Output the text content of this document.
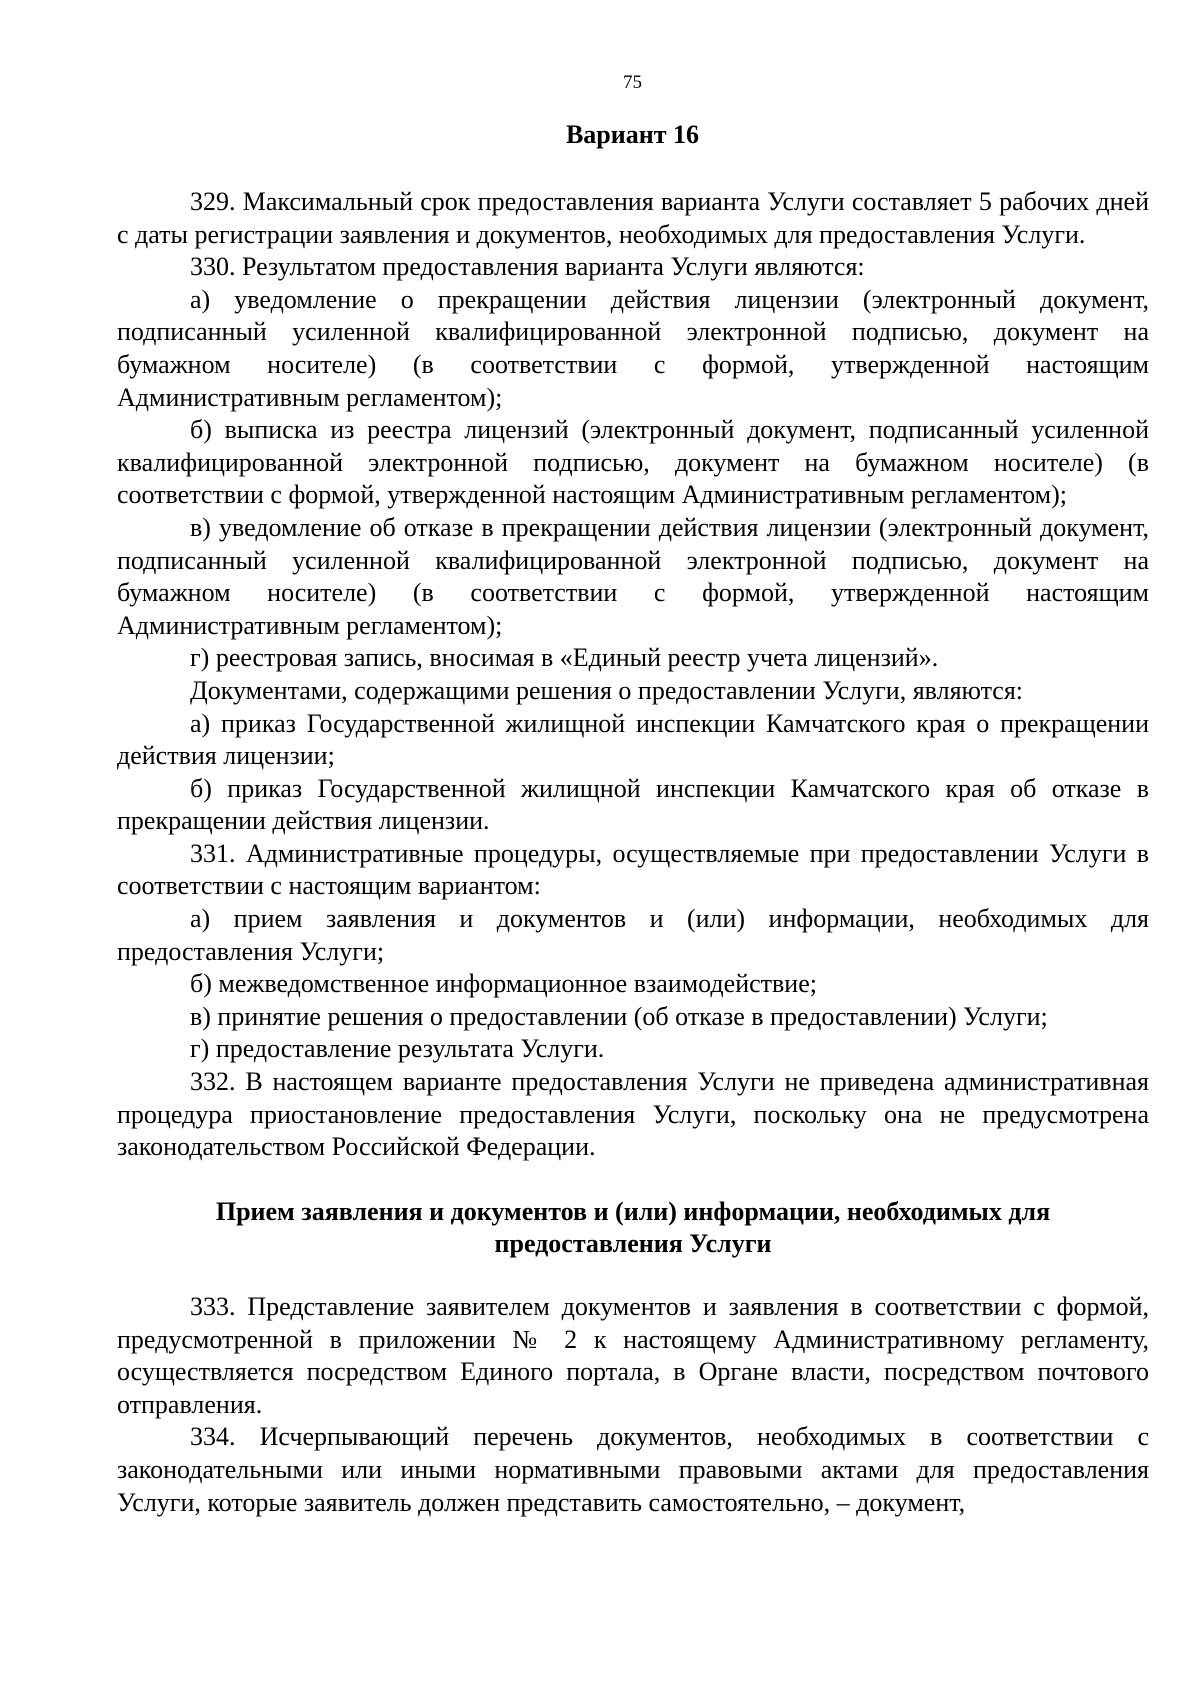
75
Вариант 16

329. Максимальный срок предоставления варианта Услуги составляет 5 рабочих дней с даты регистрации заявления и документов, необходимых для предоставления Услуги.

330. Результатом предоставления варианта Услуги являются:

а) уведомление о прекращении действия лицензии (электронный документ, подписанный усиленной квалифицированной электронной подписью, документ на бумажном носителе) (в соответствии с формой, утвержденной настоящим Административным регламентом);

б) выписка из реестра лицензий (электронный документ, подписанный усиленной квалифицированной электронной подписью, документ на бумажном носителе) (в соответствии с формой, утвержденной настоящим Административным регламентом);

в) уведомление об отказе в прекращении действия лицензии (электронный документ, подписанный усиленной квалифицированной электронной подписью, документ на бумажном носителе) (в соответствии с формой, утвержденной настоящим Административным регламентом);

г) реестровая запись, вносимая в «Единый реестр учета лицензий».

Документами, содержащими решения о предоставлении Услуги, являются:

а) приказ Государственной жилищной инспекции Камчатского края о прекращении действия лицензии;

б) приказ Государственной жилищной инспекции Камчатского края об отказе в прекращении действия лицензии.

331. Административные процедуры, осуществляемые при предоставлении Услуги в соответствии с настоящим вариантом:

а) прием заявления и документов и (или) информации, необходимых для предоставления Услуги;

б) межведомственное информационное взаимодействие;

в) принятие решения о предоставлении (об отказе в предоставлении) Услуги;

г) предоставление результата Услуги.

332. В настоящем варианте предоставления Услуги не приведена административная процедура приостановление предоставления Услуги, поскольку она не предусмотрена законодательством Российской Федерации.

Прием заявления и документов и (или) информации, необходимых для предоставления Услуги

333. Представление заявителем документов и заявления в соответствии с формой, предусмотренной в приложении № 2 к настоящему Административному регламенту, осуществляется посредством Единого портала, в Органе власти, посредством почтового отправления.

334. Исчерпывающий перечень документов, необходимых в соответствии с законодательными или иными нормативными правовыми актами для предоставления Услуги, которые заявитель должен представить самостоятельно, – документ,
